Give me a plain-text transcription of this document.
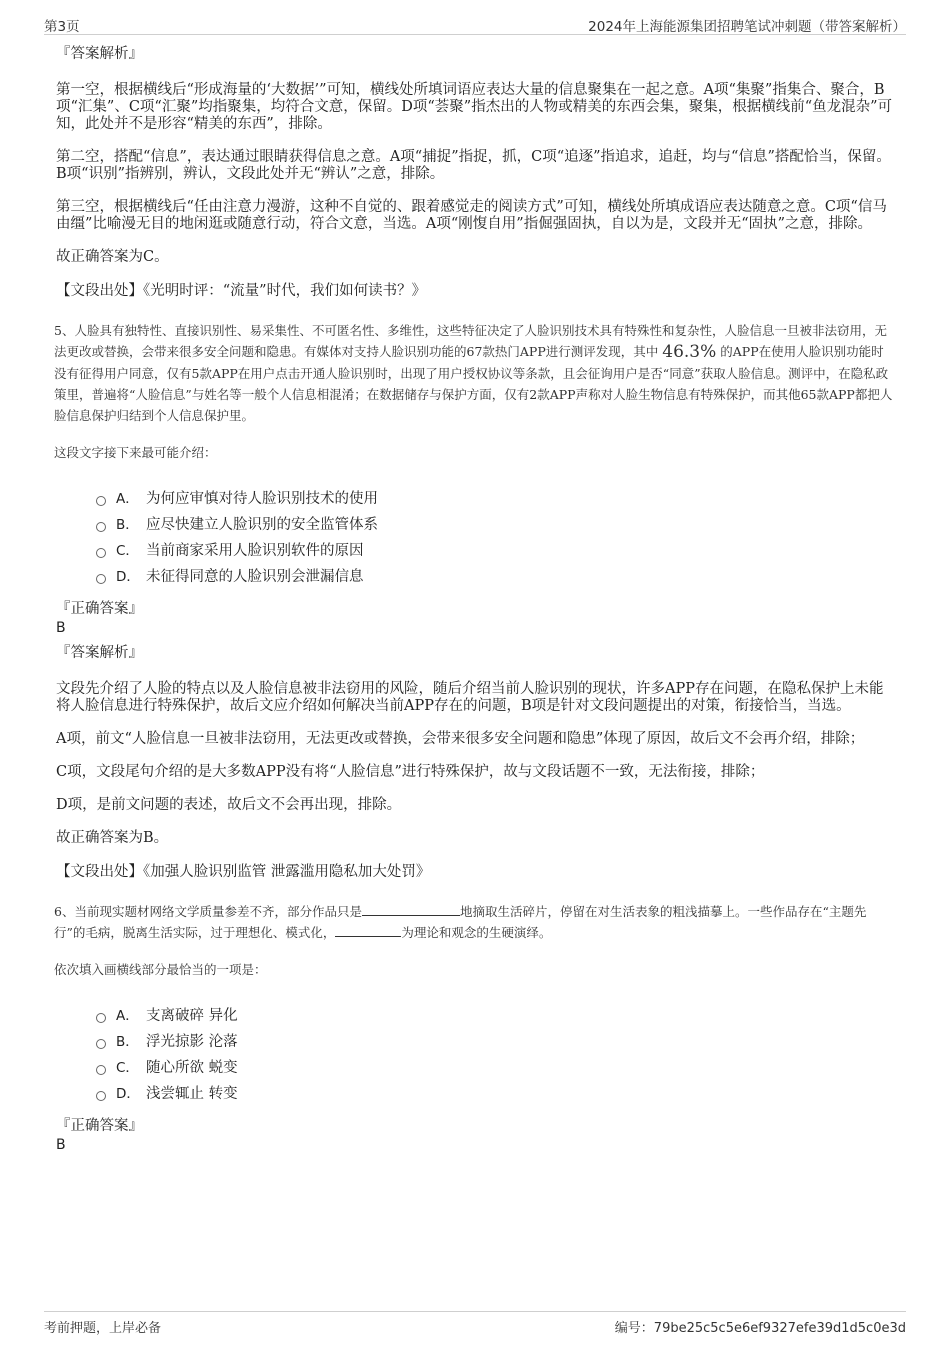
第3页	2024年上海能源集团招聘笔试冲刺题（带答案解析）
『答案解析』

第一空，根据横线后“形成海量的‘大数据’”可知，横线处所填词语应表达大量的信息聚集在一起之意。A项“集聚”指集合、聚合，B项“汇集”、C项“汇聚”均指聚集，均符合文意，保留。D项“荟聚”指杰出的人物或精美的东西会集，聚集，根据横线前“鱼龙混杂”可知，此处并不是形容“精美的东西”，排除。

第二空，搭配“信息”，表达通过眼睛获得信息之意。A项“捕捉”指捉，抓，C项“追逐”指追求，追赶，均与“信息”搭配恰当，保留。B项“识别”指辨别，辨认，文段此处并无“辨认”之意，排除。

第三空，根据横线后“任由注意力漫游，这种不自觉的、跟着感觉走的阅读方式”可知，横线处所填成语应表达随意之意。C项“信马由缰”比喻漫无目的地闲逛或随意行动，符合文意，当选。A项“刚愎自用”指倔强固执，自以为是，文段并无“固执”之意，排除。

故正确答案为C。

【文段出处】《光明时评：“流量”时代，我们如何读书？》

5、人脸具有独特性、直接识别性、易采集性、不可匿名性、多维性，这些特征决定了人脸识别技术具有特殊性和复杂性，人脸信息一旦被非法窃用，无法更改或替换，会带来很多安全问题和隐患。有媒体对支持人脸识别功能的67款热门APP进行测评发现，其中 46.3% 的APP在使用人脸识别功能时没有征得用户同意，仅有5款APP在用户点击开通人脸识别时，出现了用户授权协议等条款，且会征询用户是否“同意”获取人脸信息。测评中，在隐私政策里，普遍将“人脸信息”与姓名等一般个人信息相混淆；在数据储存与保护方面，仅有2款APP声称对人脸生物信息有特殊保护，而其他65款APP都把人脸信息保护归结到个人信息保护里。

这段文字接下来最可能介绍：

A． 为何应审慎对待人脸识别技术的使用
B． 应尽快建立人脸识别的安全监管体系
C． 当前商家采用人脸识别软件的原因
D． 未征得同意的人脸识别会泄漏信息
『正确答案』
B
『答案解析』

文段先介绍了人脸的特点以及人脸信息被非法窃用的风险，随后介绍当前人脸识别的现状，许多APP存在问题，在隐私保护上未能将人脸信息进行特殊保护，故后文应介绍如何解决当前APP存在的问题，B项是针对文段问题提出的对策，衔接恰当，当选。

A项，前文“人脸信息一旦被非法窃用，无法更改或替换，会带来很多安全问题和隐患”体现了原因，故后文不会再介绍，排除；

C项，文段尾句介绍的是大多数APP没有将“人脸信息”进行特殊保护，故与文段话题不一致，无法衔接，排除；

D项，是前文问题的表述，故后文不会再出现，排除。

故正确答案为B。

【文段出处】《加强人脸识别监管 泄露滥用隐私加大处罚》

6、当前现实题材网络文学质量参差不齐，部分作品只是	地摘取生活碎片，停留在对生活表象的粗浅描摹上。一些作品存在“主题先行”的毛病，脱离生活实际，过于理想化、模式化，	为理论和观念的生硬演绎。

依次填入画横线部分最恰当的一项是：

A． 支离破碎 异化
B． 浮光掠影 沦落
C． 随心所欲 蜕变
D． 浅尝辄止 转变
『正确答案』
B
考前押题，上岸必备	编号：79be25c5c5e6ef9327efe39d1d5c0e3d
